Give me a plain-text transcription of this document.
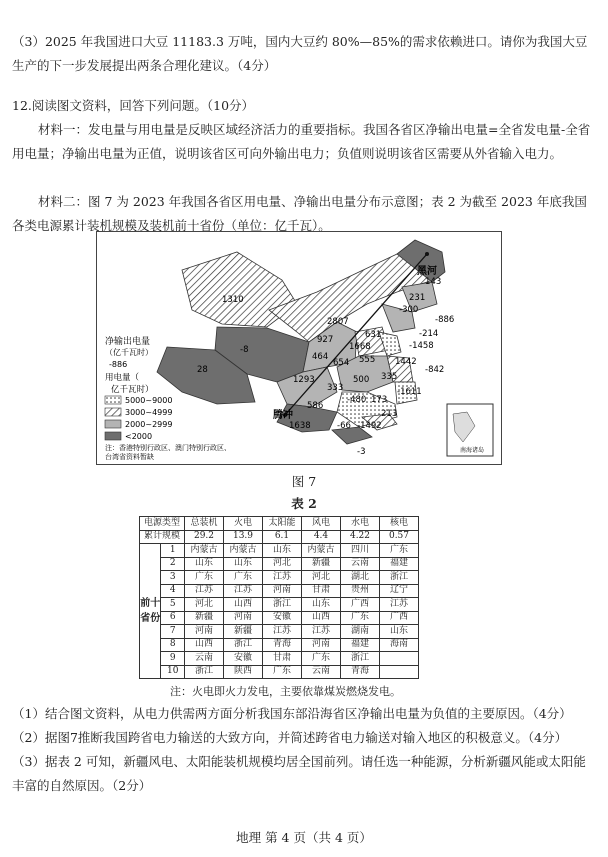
（3）2025 年我国进口大豆 11183.3 万吨，国内大豆约 80%—85%的需求依赖进口。请你为我国大豆生产的下一步发展提出两条合理化建议。（4分）

12.阅读图文资料，回答下列问题。（10分）

材料一：发电量与用电量是反映区域经济活力的重要指标。我国各省区净输出电量=全省发电量-全省用电量；净输出电量为正值，说明该省区可向外输出电力；负值则说明该省区需要从外省输入电力。

材料二：图 7 为 2023 年我国各省区用电量、净输出电量分布示意图；表 2 为截至 2023 年底我国各类电源累计装机规模及装机前十省份（单位：亿千瓦）。

黑河
腾冲
1310
-8
28
2807
927
464
654
1293
333
586
1638	-66 -1492
-480 173
213
335
500
1442
-842
-1611
-1458
555
1668
631	-214
-886
-300
231
143
-3
净输出电量
（亿千瓦时）
-886
用电量（
亿千瓦时）
5000~9000
3000~4999
2000~2999
<2000
注：香港特别行政区、澳门特别行政区、
台湾省资料暂缺
南海诸岛
图 7
表 2
电源类型		总装机	火电	太阳能	风电	水电	核电
累计规模		29.2	13.9	6.1	4.4	4.22	0.57
前十省份	1	内蒙古	内蒙古	山东	内蒙古	四川	广东
	2	山东	山东	河北	新疆	云南	福建
	3	广东	广东	江苏	河北	湖北	浙江
	4	江苏	江苏	河南	甘肃	贵州	辽宁
	5	河北	山西	浙江	山东	广西	江苏
	6	新疆	河南	安徽	山西	广东	广西
	7	河南	新疆	江苏	江苏	湖南	山东
	8	山西	浙江	青海	河南	福建	海南
	9	云南	安徽	甘肃	广东	浙江	
	10	浙江	陕西	广东	云南	青海	
注：火电即火力发电，主要依靠煤炭燃烧发电。

（1）结合图文资料，从电力供需两方面分析我国东部沿海省区净输出电量为负值的主要原因。（4分）

（2）据图7推断我国跨省电力输送的大致方向，并简述跨省电力输送对输入地区的积极意义。（4分）

（3）据表 2 可知，新疆风电、太阳能装机规模均居全国前列。请任选一种能源，分析新疆风能或太阳能丰富的自然原因。（2分）

地理 第 4 页（共 4 页）
